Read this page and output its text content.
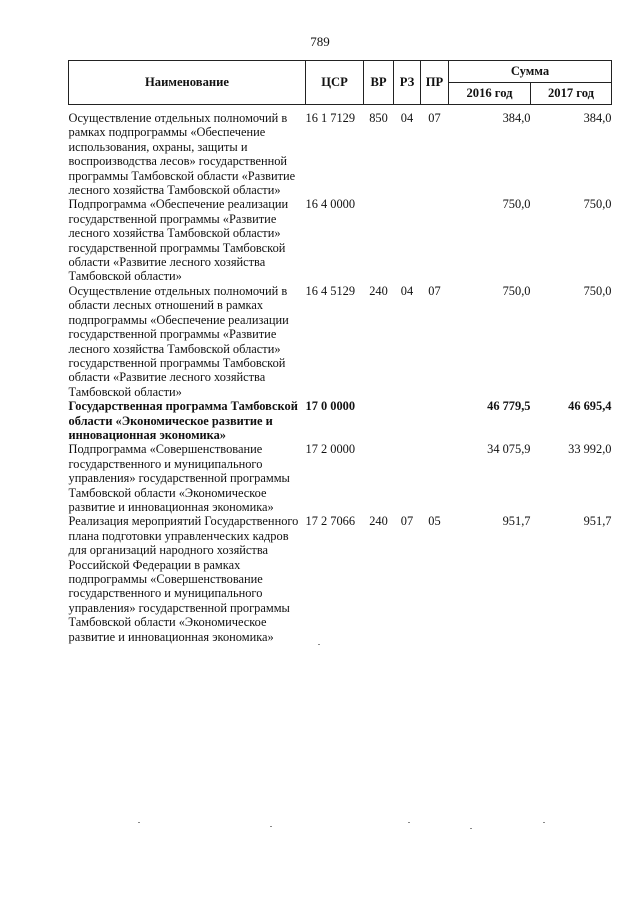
789
Наименование	ЦСР	ВР	РЗ	ПР	Сумма	
					2016 год	2017 год

Осуществление отдельных полномочий в рамках подпрограммы «Обеспечение использования, охраны, защиты и воспроизводства лесов» государственной программы Тамбовской области «Развитие лесного хозяйства Тамбовской области»	16 1 7129	850	04	07	384,0	384,0
Подпрограмма «Обеспечение реализации государственной программы «Развитие лесного хозяйства Тамбовской области» государственной программы Тамбовской области «Развитие лесного хозяйства Тамбовской области»	16 4 0000				750,0	750,0
Осуществление отдельных полномочий в области лесных отношений в рамках подпрограммы «Обеспечение реализации государственной программы «Развитие лесного хозяйства Тамбовской области» государственной программы Тамбовской области «Развитие лесного хозяйства Тамбовской области»	16 4 5129	240	04	07	750,0	750,0
Государственная программа Тамбовской области «Экономическое развитие и инновационная экономика»	17 0 0000				46 779,5	46 695,4
Подпрограмма «Совершенствование государственного и муниципального управления» государственной программы Тамбовской области «Экономическое развитие и инновационная экономика»	17 2 0000				34 075,9	33 992,0
Реализация мероприятий Государственного плана подготовки управленческих кадров для организаций народного хозяйства Российской Федерации в рамках подпрограммы «Совершенствование государственного и муниципального управления» государственной программы Тамбовской области «Экономическое развитие и инновационная экономика»	17 2 7066	240	07	05	951,7	951,7
